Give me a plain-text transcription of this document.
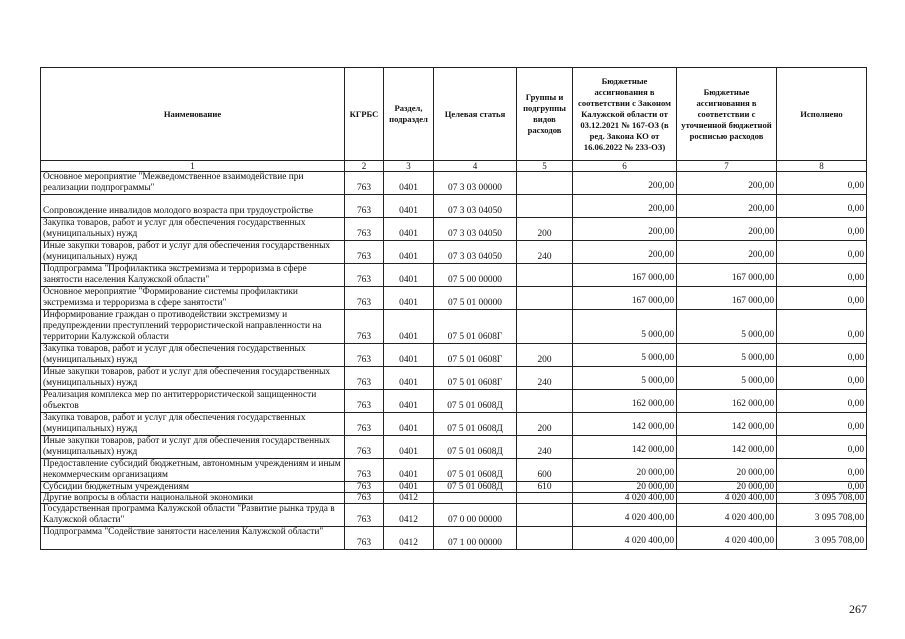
Наименование	КГРБС	Раздел, подраздел	Целевая статья	Группы и подгруппы видов расходов	Бюджетные ассигнования в соответствии с Законом Калужской области от 03.12.2021 № 167-ОЗ (в ред. Закона КО от 16.06.2022 № 233-ОЗ)	Бюджетные ассигнования в соответствии с уточненной бюджетной росписью расходов	Исполнено
1	2	3	4	5	6	7	8
Основное мероприятие "Межведомственное взаимодействие при реализации подпрограммы"	763	0401	07 3 03 00000		200,00	200,00	0,00
Сопровождение инвалидов молодого возраста при трудоустройстве	763	0401	07 3 03 04050		200,00	200,00	0,00
Закупка товаров, работ и услуг для обеспечения государственных (муниципальных) нужд	763	0401	07 3 03 04050	200	200,00	200,00	0,00
Иные закупки товаров, работ и услуг для обеспечения государственных (муниципальных) нужд	763	0401	07 3 03 04050	240	200,00	200,00	0,00
Подпрограмма "Профилактика экстремизма и терроризма в сфере занятости населения Калужской области"	763	0401	07 5 00 00000		167 000,00	167 000,00	0,00
Основное мероприятие "Формирование системы профилактики экстремизма и терроризма в сфере занятости"	763	0401	07 5 01 00000		167 000,00	167 000,00	0,00
Информирование граждан о противодействии экстремизму и предупреждении преступлений террористической направленности на территории Калужской области	763	0401	07 5 01 0608Г		5 000,00	5 000,00	0,00
Закупка товаров, работ и услуг для обеспечения государственных (муниципальных) нужд	763	0401	07 5 01 0608Г	200	5 000,00	5 000,00	0,00
Иные закупки товаров, работ и услуг для обеспечения государственных (муниципальных) нужд	763	0401	07 5 01 0608Г	240	5 000,00	5 000,00	0,00
Реализация комплекса мер по антитеррористической защищенности объектов	763	0401	07 5 01 0608Д		162 000,00	162 000,00	0,00
Закупка товаров, работ и услуг для обеспечения государственных (муниципальных) нужд	763	0401	07 5 01 0608Д	200	142 000,00	142 000,00	0,00
Иные закупки товаров, работ и услуг для обеспечения государственных (муниципальных) нужд	763	0401	07 5 01 0608Д	240	142 000,00	142 000,00	0,00
Предоставление субсидий бюджетным, автономным учреждениям и иным некоммерческим организациям	763	0401	07 5 01 0608Д	600	20 000,00	20 000,00	0,00
Субсидии бюджетным учреждениям	763	0401	07 5 01 0608Д	610	20 000,00	20 000,00	0,00
Другие вопросы в области национальной экономики	763	0412			4 020 400,00	4 020 400,00	3 095 708,00
Государственная программа Калужской области "Развитие рынка труда в Калужской области"	763	0412	07 0 00 00000		4 020 400,00	4 020 400,00	3 095 708,00
Подпрограмма "Содействие занятости населения Калужской области"	763	0412	07 1 00 00000		4 020 400,00	4 020 400,00	3 095 708,00
267
